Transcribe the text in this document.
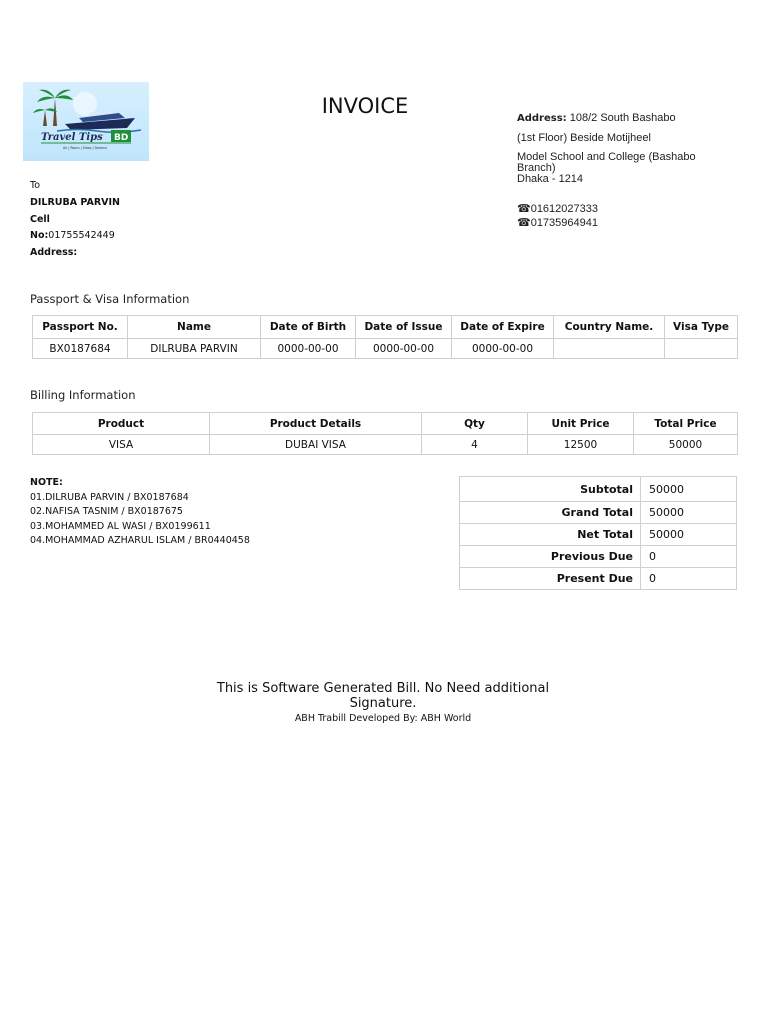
Travel Tips BD
Air | Room | Sleep | Dreams
INVOICE
Address: 108/2 South Bashabo
(1st Floor) Beside Motijheel
Model School and College (Bashabo Branch)
Dhaka - 1214
☎01612027333
☎01735964941
To
DILRUBA PARVIN
Cell
No:01755542449
Address:
Passport & Visa Information
Passport No.	Name	Date of Birth	Date of Issue	Date of Expire	Country Name.	Visa Type
BX0187684	DILRUBA PARVIN	0000-00-00	0000-00-00	0000-00-00		
Billing Information
Product	Product Details	Qty	Unit Price	Total Price
VISA	DUBAI VISA	4	12500	50000
NOTE:
01.DILRUBA PARVIN / BX0187684
02.NAFISA TASNIM / BX0187675
03.MOHAMMED AL WASI / BX0199611
04.MOHAMMAD AZHARUL ISLAM / BR0440458
Subtotal	50000
Grand Total	50000
Net Total	50000
Previous Due	0
Present Due	0
This is Software Generated Bill. No Need additional Signature.
ABH Trabill Developed By: ABH World
